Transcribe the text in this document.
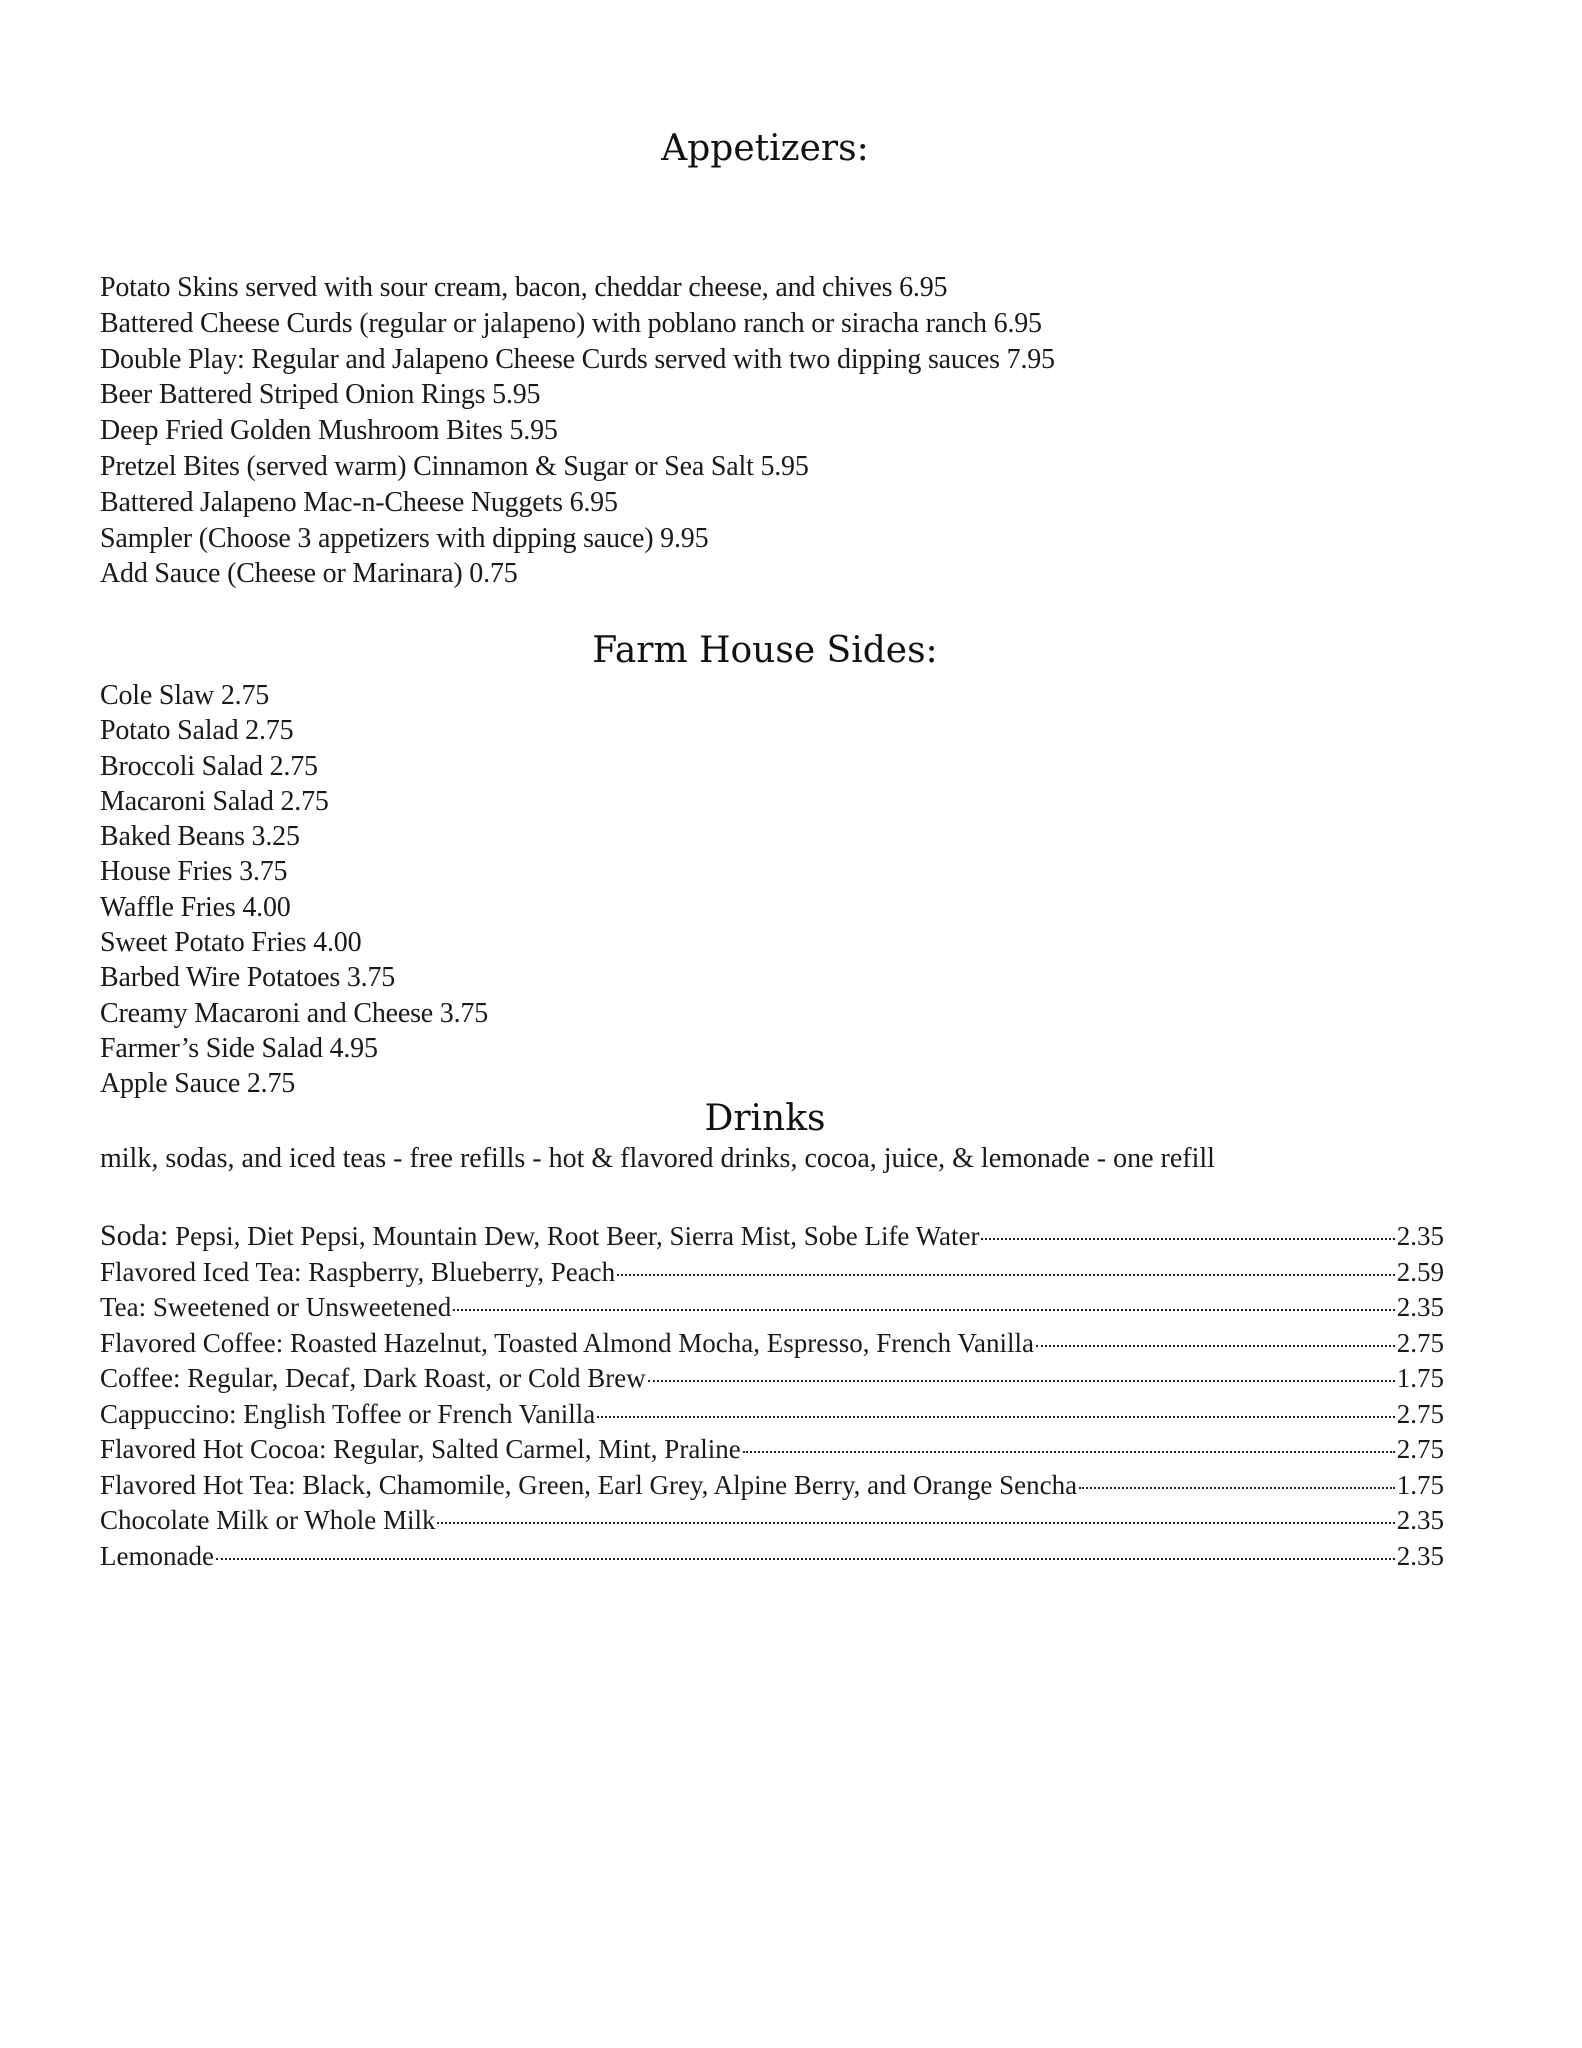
Appetizers:
Potato Skins served with sour cream, bacon, cheddar cheese, and chives 6.95
Battered Cheese Curds (regular or jalapeno) with poblano ranch or siracha ranch 6.95
Double Play: Regular and Jalapeno Cheese Curds served with two dipping sauces 7.95
Beer Battered Striped Onion Rings 5.95
Deep Fried Golden Mushroom Bites 5.95
Pretzel Bites (served warm) Cinnamon & Sugar or Sea Salt 5.95
Battered Jalapeno Mac-n-Cheese Nuggets 6.95
Sampler (Choose 3 appetizers with dipping sauce) 9.95
Add Sauce (Cheese or Marinara) 0.75
Farm House Sides:
Cole Slaw 2.75
Potato Salad 2.75
Broccoli Salad 2.75
Macaroni Salad 2.75
Baked Beans 3.25
House Fries 3.75
Waffle Fries 4.00
Sweet Potato Fries 4.00
Barbed Wire Potatoes 3.75
Creamy Macaroni and Cheese 3.75
Farmer’s Side Salad 4.95
Apple Sauce 2.75
Drinks
milk, sodas, and iced teas - free refills - hot & flavored drinks, cocoa, juice, & lemonade - one refill
Soda: Pepsi, Diet Pepsi, Mountain Dew, Root Beer, Sierra Mist, Sobe Life Water	2.35
Flavored Iced Tea: Raspberry, Blueberry, Peach	2.59
Tea: Sweetened or Unsweetened	2.35
Flavored Coffee: Roasted Hazelnut, Toasted Almond Mocha, Espresso, French Vanilla	2.75
Coffee: Regular, Decaf, Dark Roast, or Cold Brew	1.75
Cappuccino: English Toffee or French Vanilla	2.75
Flavored Hot Cocoa: Regular, Salted Carmel, Mint, Praline	2.75
Flavored Hot Tea: Black, Chamomile, Green, Earl Grey, Alpine Berry, and Orange Sencha	1.75
Chocolate Milk or Whole Milk	2.35
Lemonade	2.35
